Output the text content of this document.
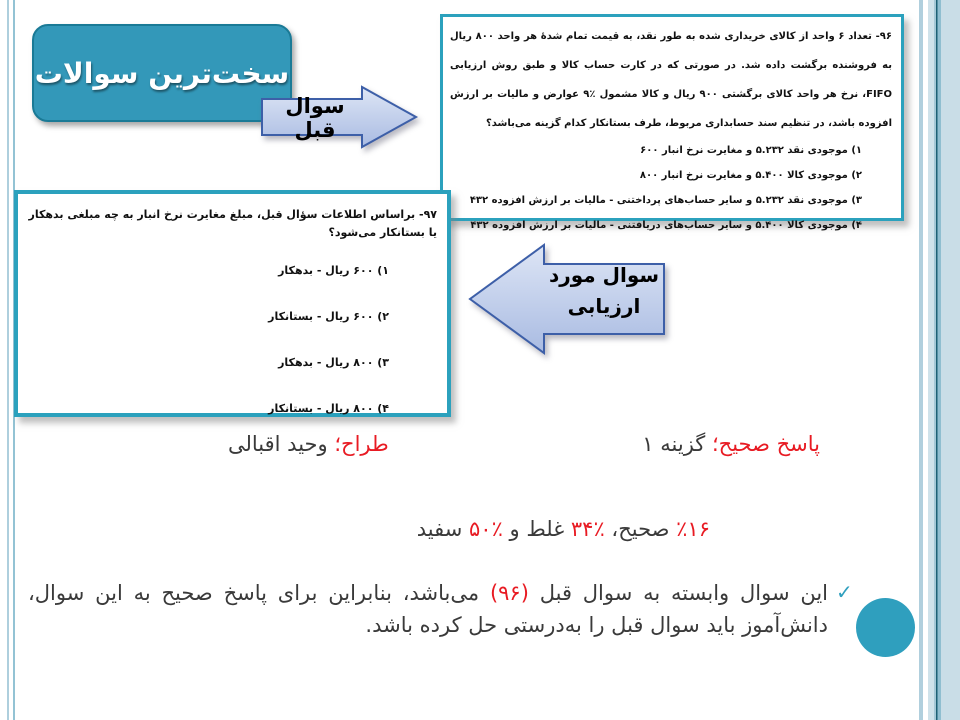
سخت‌ترین سوالات
سوال قبل

۹۶- تعداد ۶ واحد از کالای خریداری شده به طور نقد، به قیمت تمام شدهٔ هر واحد ۸۰۰ ریال به فروشنده برگشت داده شد. در صورتی که در کارت حساب کالا و طبق روش ارزیابی FIFO، نرخ هر واحد کالای برگشتی ۹۰۰ ریال و کالا مشمول ٪۹ عوارض و مالیات بر ارزش افزوده باشد، در تنظیم سند حسابداری مربوط، طرف بستانکار کدام گزینه می‌باشد؟

۱) موجودی نقد ۵.۲۳۲ و مغایرت نرخ انبار ۶۰۰
۲) موجودی کالا ۵.۴۰۰ و مغایرت نرخ انبار ۸۰۰
۳) موجودی نقد ۵.۲۳۲ و سایر حساب‌های پرداختنی - مالیات بر ارزش افزوده ۴۳۲
۴) موجودی کالا ۵.۴۰۰ و سایر حساب‌های دریافتنی - مالیات بر ارزش افزوده ۴۳۲

۹۷- براساس اطلاعات سؤال قبل، مبلغ مغایرت نرخ انبار به چه مبلغی بدهکار یا بستانکار می‌شود؟

۱) ۶۰۰ ریال - بدهکار
۲) ۶۰۰ ریال - بستانکار
۳) ۸۰۰ ریال - بدهکار
۴) ۸۰۰ ریال - بستانکار
سوال مورد
ارزیابی
پاسخ صحیح؛ گزینه ۱
طراح؛ وحید اقبالی
٪۱۶ صحیح، ٪۳۴ غلط و ٪۵۰ سفید
✓

این سوال وابسته به سوال قبل (۹۶) می‌باشد، بنابراین برای پاسخ صحیح به این سوال، دانش‌آموز باید سوال قبل را به‌درستی حل کرده باشد.
